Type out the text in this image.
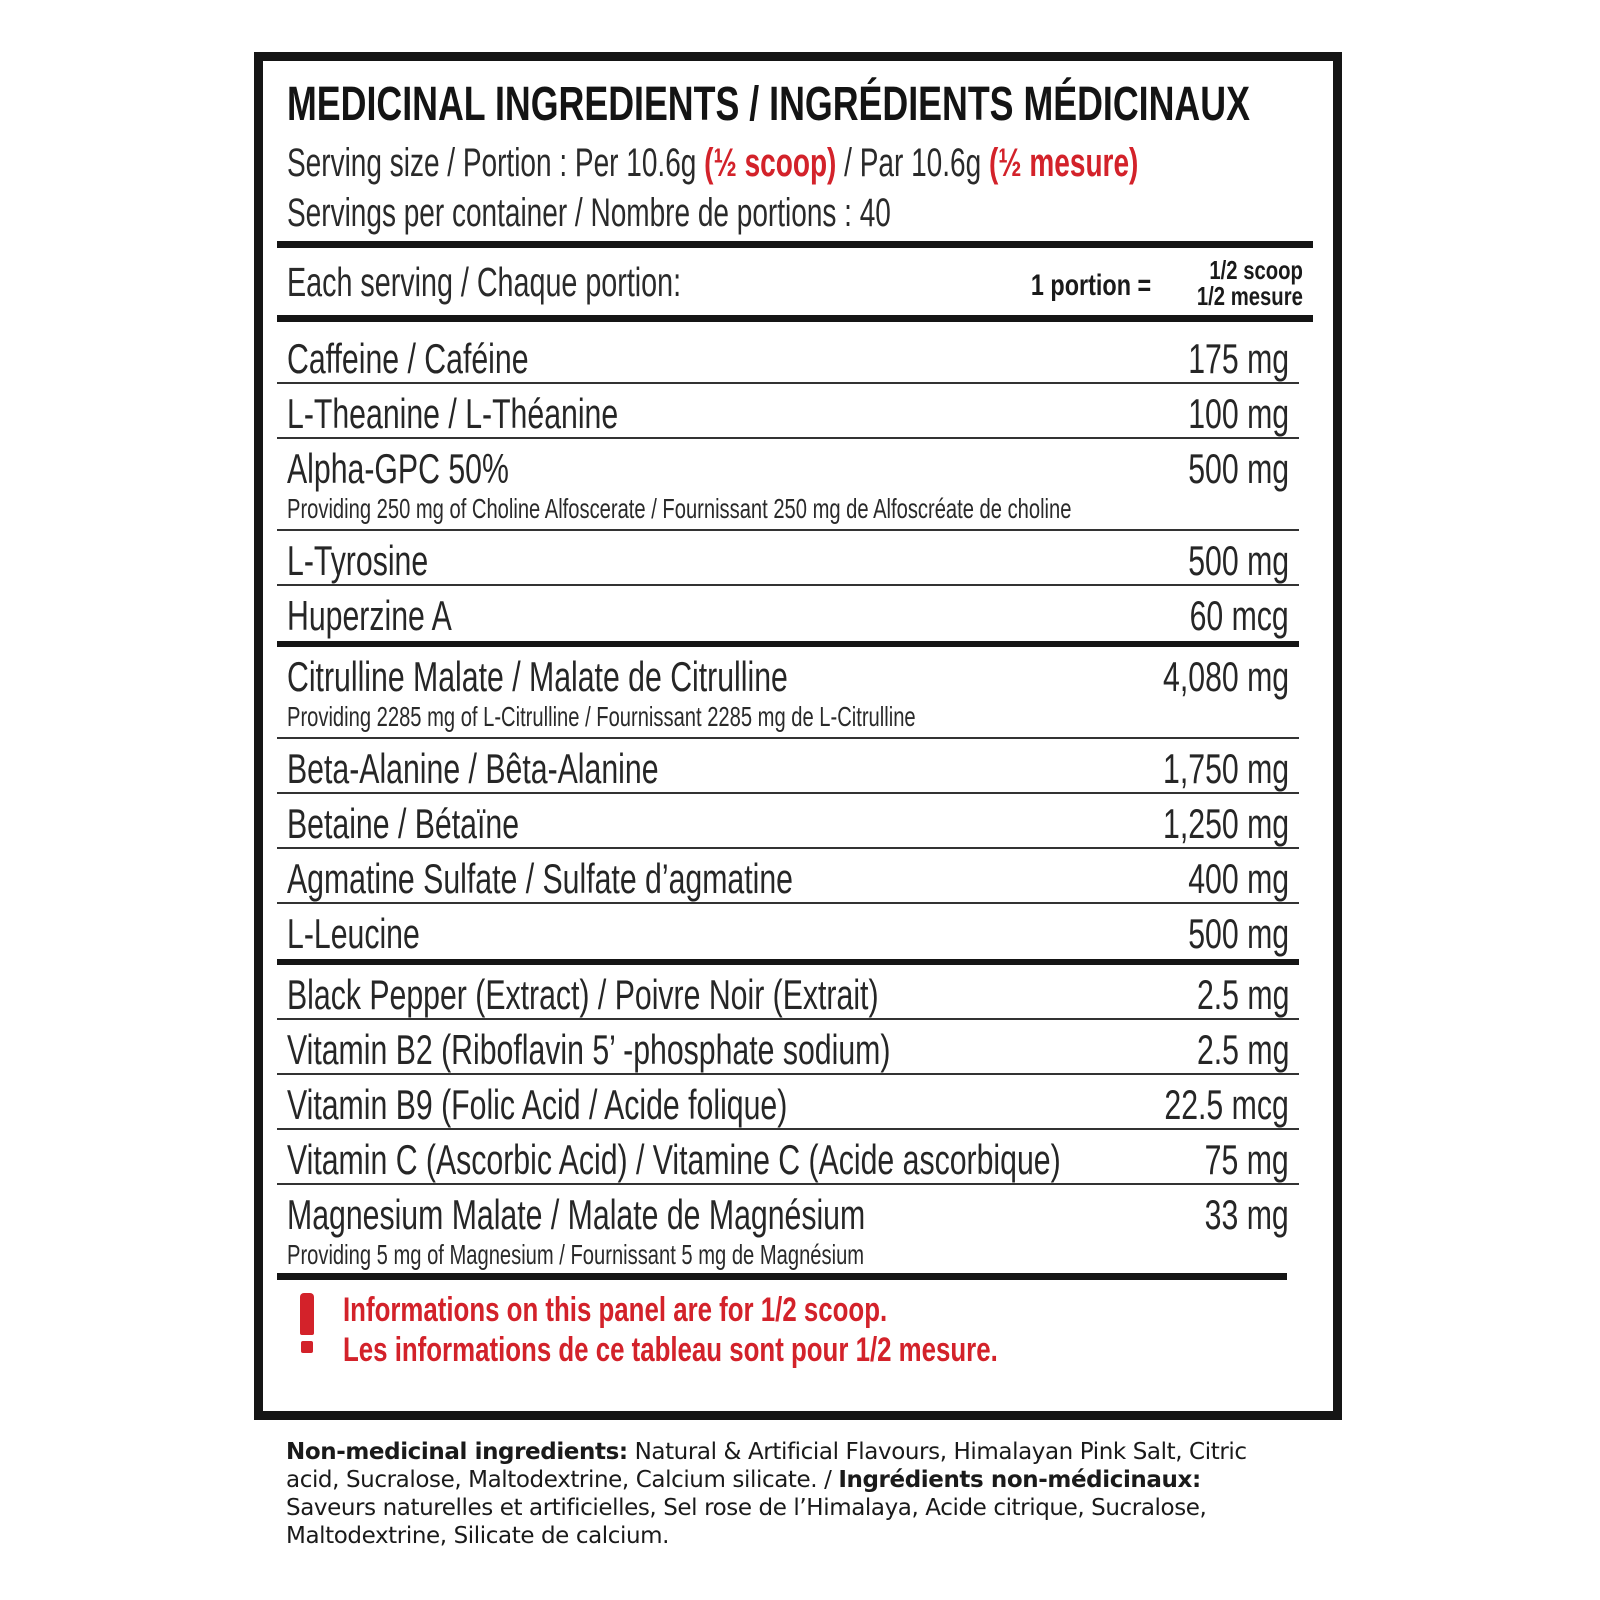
MEDICINAL INGREDIENTS / INGRÉDIENTS MÉDICINAUX
Serving size / Portion : Per 10.6g (½ scoop) / Par 10.6g (½ mesure)
Servings per container / Nombre de portions : 40
Each serving / Chaque portion:	1 portion = 1/2 scoop
1/2 mesure
Caffeine / Caféine	175 mg
L-Theanine / L-Théanine	100 mg
Alpha-GPC 50%	500 mg
Providing 250 mg of Choline Alfoscerate / Fournissant 250 mg de Alfoscréate de choline
L-Tyrosine	500 mg
Huperzine A	60 mcg
Citrulline Malate / Malate de Citrulline	4,080 mg
Providing 2285 mg of L-Citrulline / Fournissant 2285 mg de L-Citrulline
Beta-Alanine / Bêta-Alanine	1,750 mg
Betaine / Bétaïne	1,250 mg
Agmatine Sulfate / Sulfate d’agmatine	400 mg
L-Leucine	500 mg
Black Pepper (Extract) / Poivre Noir (Extrait)	2.5 mg
Vitamin B2 (Riboflavin 5’ -phosphate sodium)	2.5 mg
Vitamin B9 (Folic Acid / Acide folique)	22.5 mcg
Vitamin C (Ascorbic Acid) / Vitamine C (Acide ascorbique)	75 mg
Magnesium Malate / Malate de Magnésium	33 mg
Providing 5 mg of Magnesium / Fournissant 5 mg de Magnésium
Informations on this panel are for 1/2 scoop.
Les informations de ce tableau sont pour 1/2 mesure.
Non-medicinal ingredients: Natural & Artificial Flavours, Himalayan Pink Salt, Citric acid, Sucralose, Maltodextrine, Calcium silicate. / Ingrédients non-médicinaux: Saveurs naturelles et artificielles, Sel rose de l’Himalaya, Acide citrique, Sucralose, Maltodextrine, Silicate de calcium.
